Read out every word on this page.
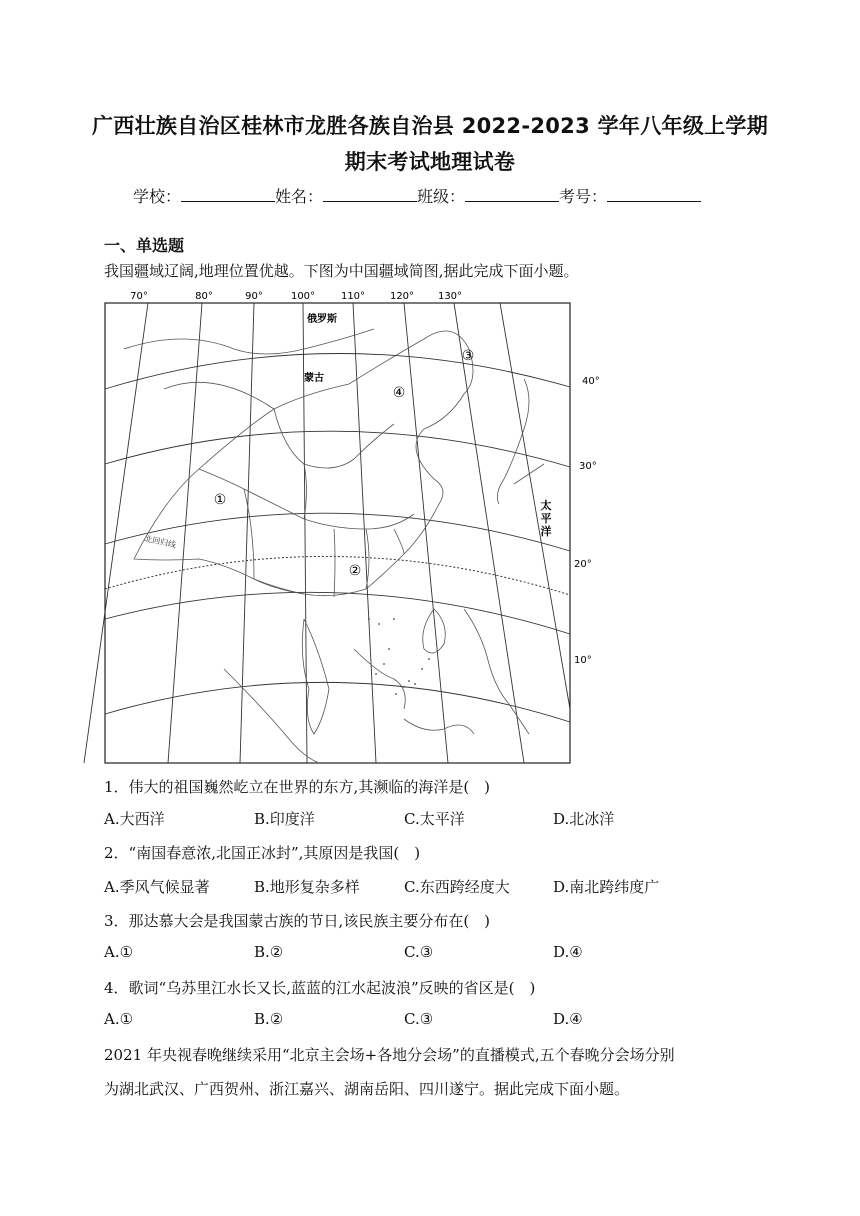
广西壮族自治区桂林市龙胜各族自治县 2022-2023 学年八年级上学期
期末考试地理试卷
学校：	姓名：	班级：	考号：
一、单选题
我国疆域辽阔,地理位置优越。下图为中国疆域简图,据此完成下面小题。
70°	80°	90°	100°	110° 120° 130°
俄罗斯
蒙古
太
平
洋
北回归线
40°
30°
20°
10°
①
②
③
④
1．伟大的祖国巍然屹立在世界的东方,其濒临的海洋是(　)
A.大西洋	B.印度洋	C.太平洋	D.北冰洋
2．“南国春意浓,北国正冰封”,其原因是我国(　)
A.季风气候显著	B.地形复杂多样	C.东西跨经度大	D.南北跨纬度广
3．那达慕大会是我国蒙古族的节日,该民族主要分布在(　)
A.①	B.②	C.③	D.④
4．歌词“乌苏里江水长又长,蓝蓝的江水起波浪”反映的省区是(　)
A.①	B.②	C.③	D.④
2021 年央视春晚继续采用“北京主会场+各地分会场”的直播模式,五个春晚分会场分别
为湖北武汉、广西贺州、浙江嘉兴、湖南岳阳、四川遂宁。据此完成下面小题。
